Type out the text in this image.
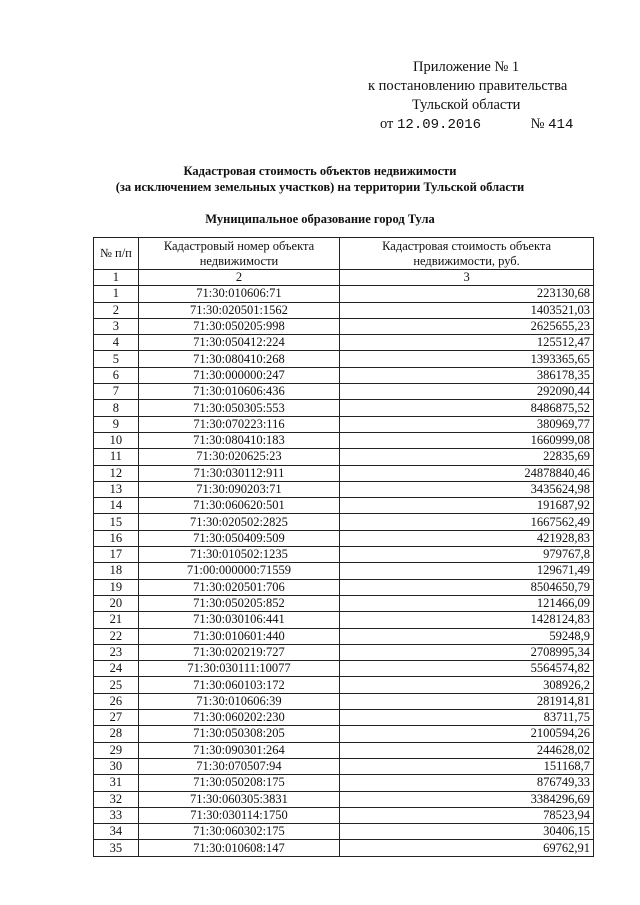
Приложение № 1
к постановлению правительства
Тульской области
от 12.09.2016	№ 414
Кадастровая стоимость объектов недвижимости
(за исключением земельных участков) на территории Тульской области
Муниципальное образование город Тула
№ п/п	Кадастровый номер объекта недвижимости	Кадастровая стоимость объекта недвижимости, руб.
1	2	3
1	71:30:010606:71	223130,68
2	71:30:020501:1562	1403521,03
3	71:30:050205:998	2625655,23
4	71:30:050412:224	125512,47
5	71:30:080410:268	1393365,65
6	71:30:000000:247	386178,35
7	71:30:010606:436	292090,44
8	71:30:050305:553	8486875,52
9	71:30:070223:116	380969,77
10	71:30:080410:183	1660999,08
11	71:30:020625:23	22835,69
12	71:30:030112:911	24878840,46
13	71:30:090203:71	3435624,98
14	71:30:060620:501	191687,92
15	71:30:020502:2825	1667562,49
16	71:30:050409:509	421928,83
17	71:30:010502:1235	979767,8
18	71:00:000000:71559	129671,49
19	71:30:020501:706	8504650,79
20	71:30:050205:852	121466,09
21	71:30:030106:441	1428124,83
22	71:30:010601:440	59248,9
23	71:30:020219:727	2708995,34
24	71:30:030111:10077	5564574,82
25	71:30:060103:172	308926,2
26	71:30:010606:39	281914,81
27	71:30:060202:230	83711,75
28	71:30:050308:205	2100594,26
29	71:30:090301:264	244628,02
30	71:30:070507:94	151168,7
31	71:30:050208:175	876749,33
32	71:30:060305:3831	3384296,69
33	71:30:030114:1750	78523,94
34	71:30:060302:175	30406,15
35	71:30:010608:147	69762,91
